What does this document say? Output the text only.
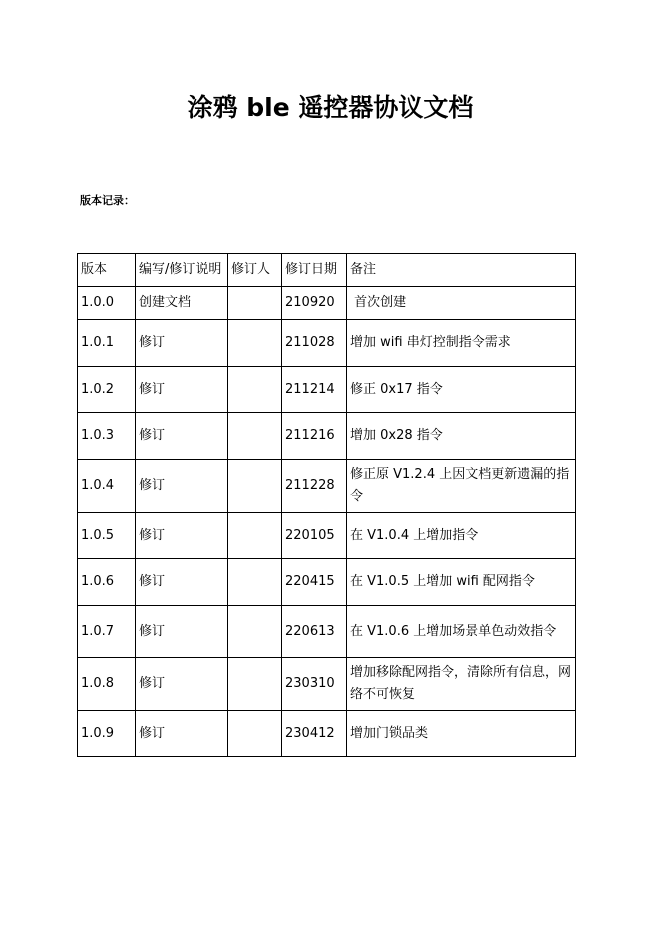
涂鸦 ble 遥控器协议文档
版本记录：
版本	编写/修订说明	修订人	修订日期	备注
1.0.0	创建文档		210920	首次创建
1.0.1	修订		211028	增加 wifi 串灯控制指令需求
1.0.2	修订		211214	修正 0x17 指令
1.0.3	修订		211216	增加 0x28 指令
1.0.4	修订		211228	修正原 V1.2.4 上因文档更新遗漏的指令
1.0.5	修订		220105	在 V1.0.4 上增加指令
1.0.6	修订		220415	在 V1.0.5 上增加 wifi 配网指令
1.0.7	修订		220613	在 V1.0.6 上增加场景单色动效指令
1.0.8	修订		230310	增加移除配网指令，清除所有信息，网络不可恢复
1.0.9	修订		230412	增加门锁品类
